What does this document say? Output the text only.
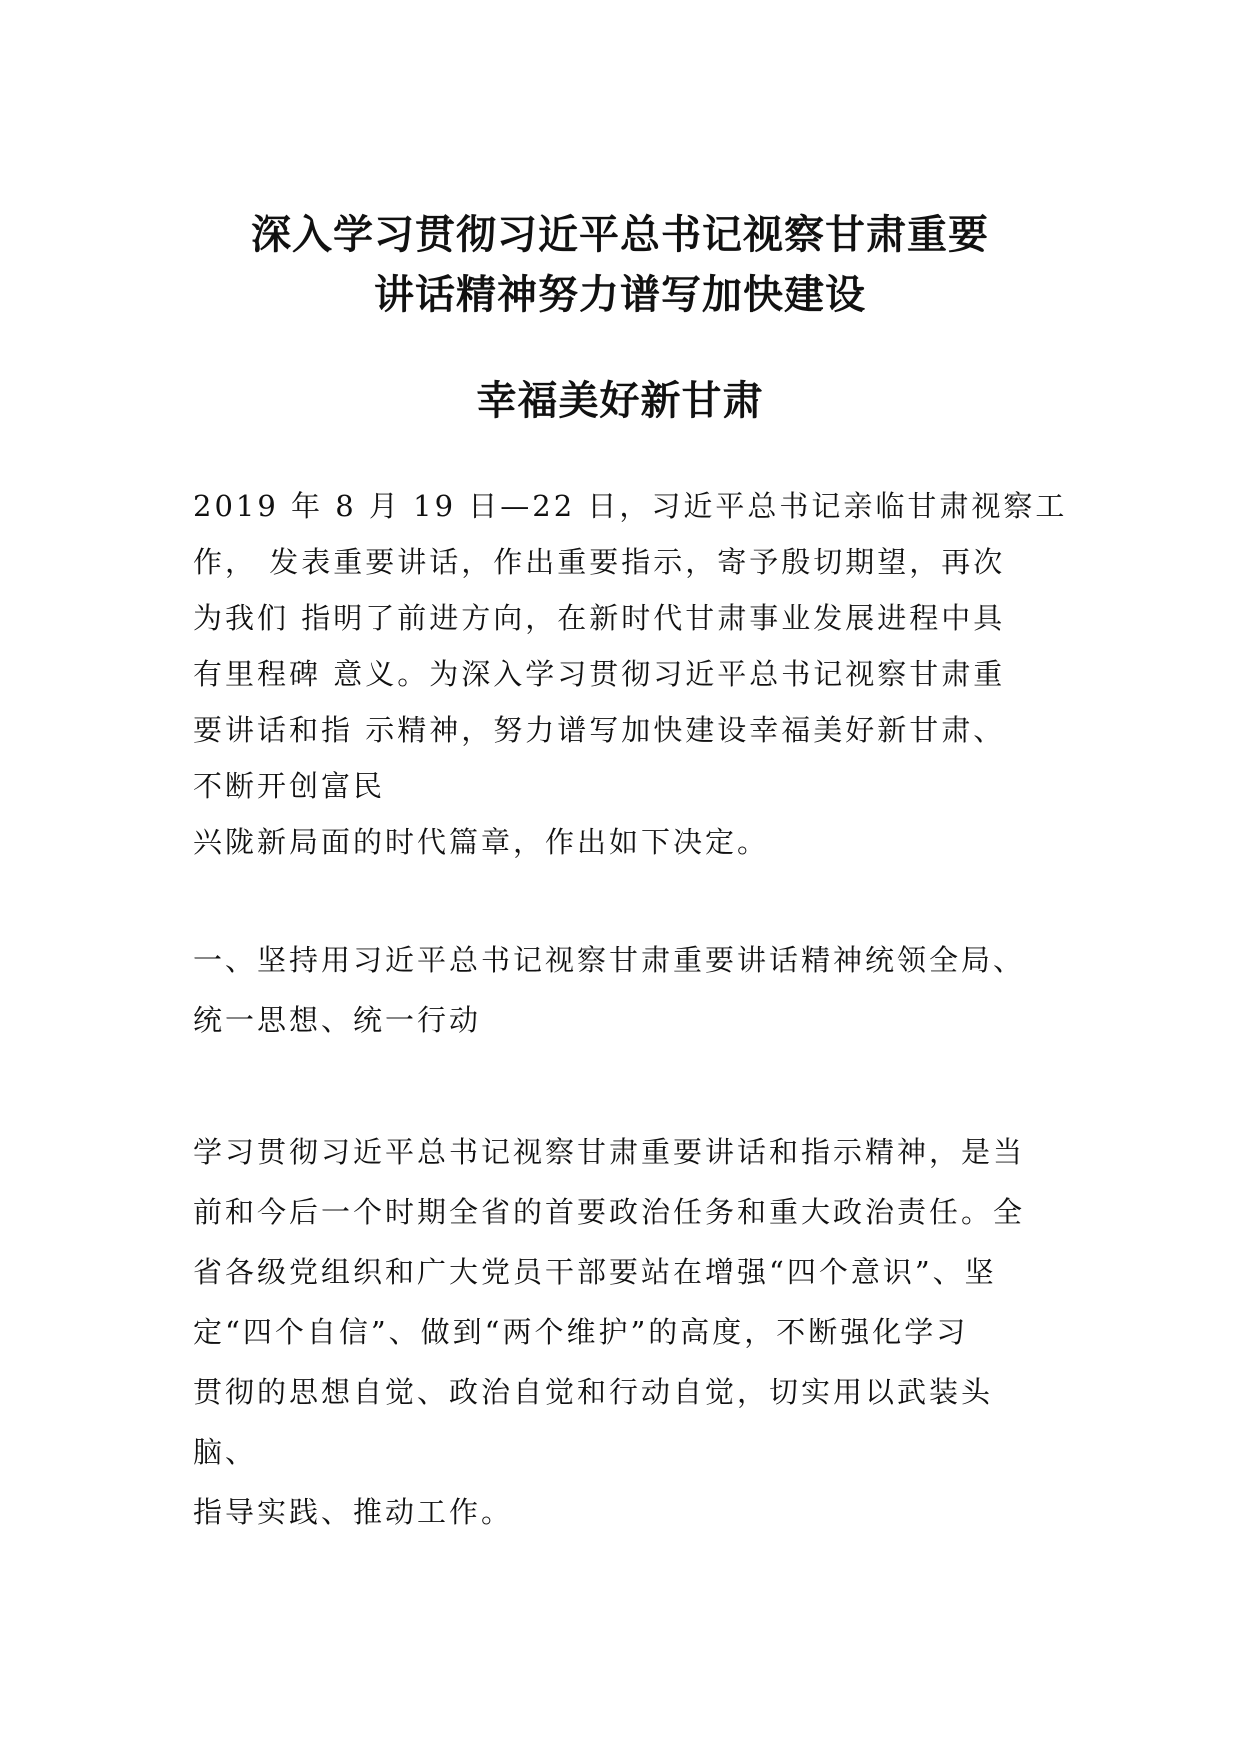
深入学习贯彻习近平总书记视察甘肃重要
讲话精神努力谱写加快建设
幸福美好新甘肃

2019 年 8 月 19 日—22 日，习近平总书记亲临甘肃视察工
作， 发表重要讲话，作出重要指示，寄予殷切期望，再次
为我们 指明了前进方向，在新时代甘肃事业发展进程中具
有里程碑 意义。为深入学习贯彻习近平总书记视察甘肃重
要讲话和指 示精神，努力谱写加快建设幸福美好新甘肃、
不断开创富民
兴陇新局面的时代篇章，作出如下决定。

一、坚持用习近平总书记视察甘肃重要讲话精神统领全局、
统一思想、统一行动

学习贯彻习近平总书记视察甘肃重要讲话和指示精神，是当
前和今后一个时期全省的首要政治任务和重大政治责任。全
省各级党组织和广大党员干部要站在增强“四个意识”、坚
定“四个自信”、做到“两个维护”的高度，不断强化学习
贯彻的思想自觉、政治自觉和行动自觉，切实用以武装头
脑、
指导实践、推动工作。
